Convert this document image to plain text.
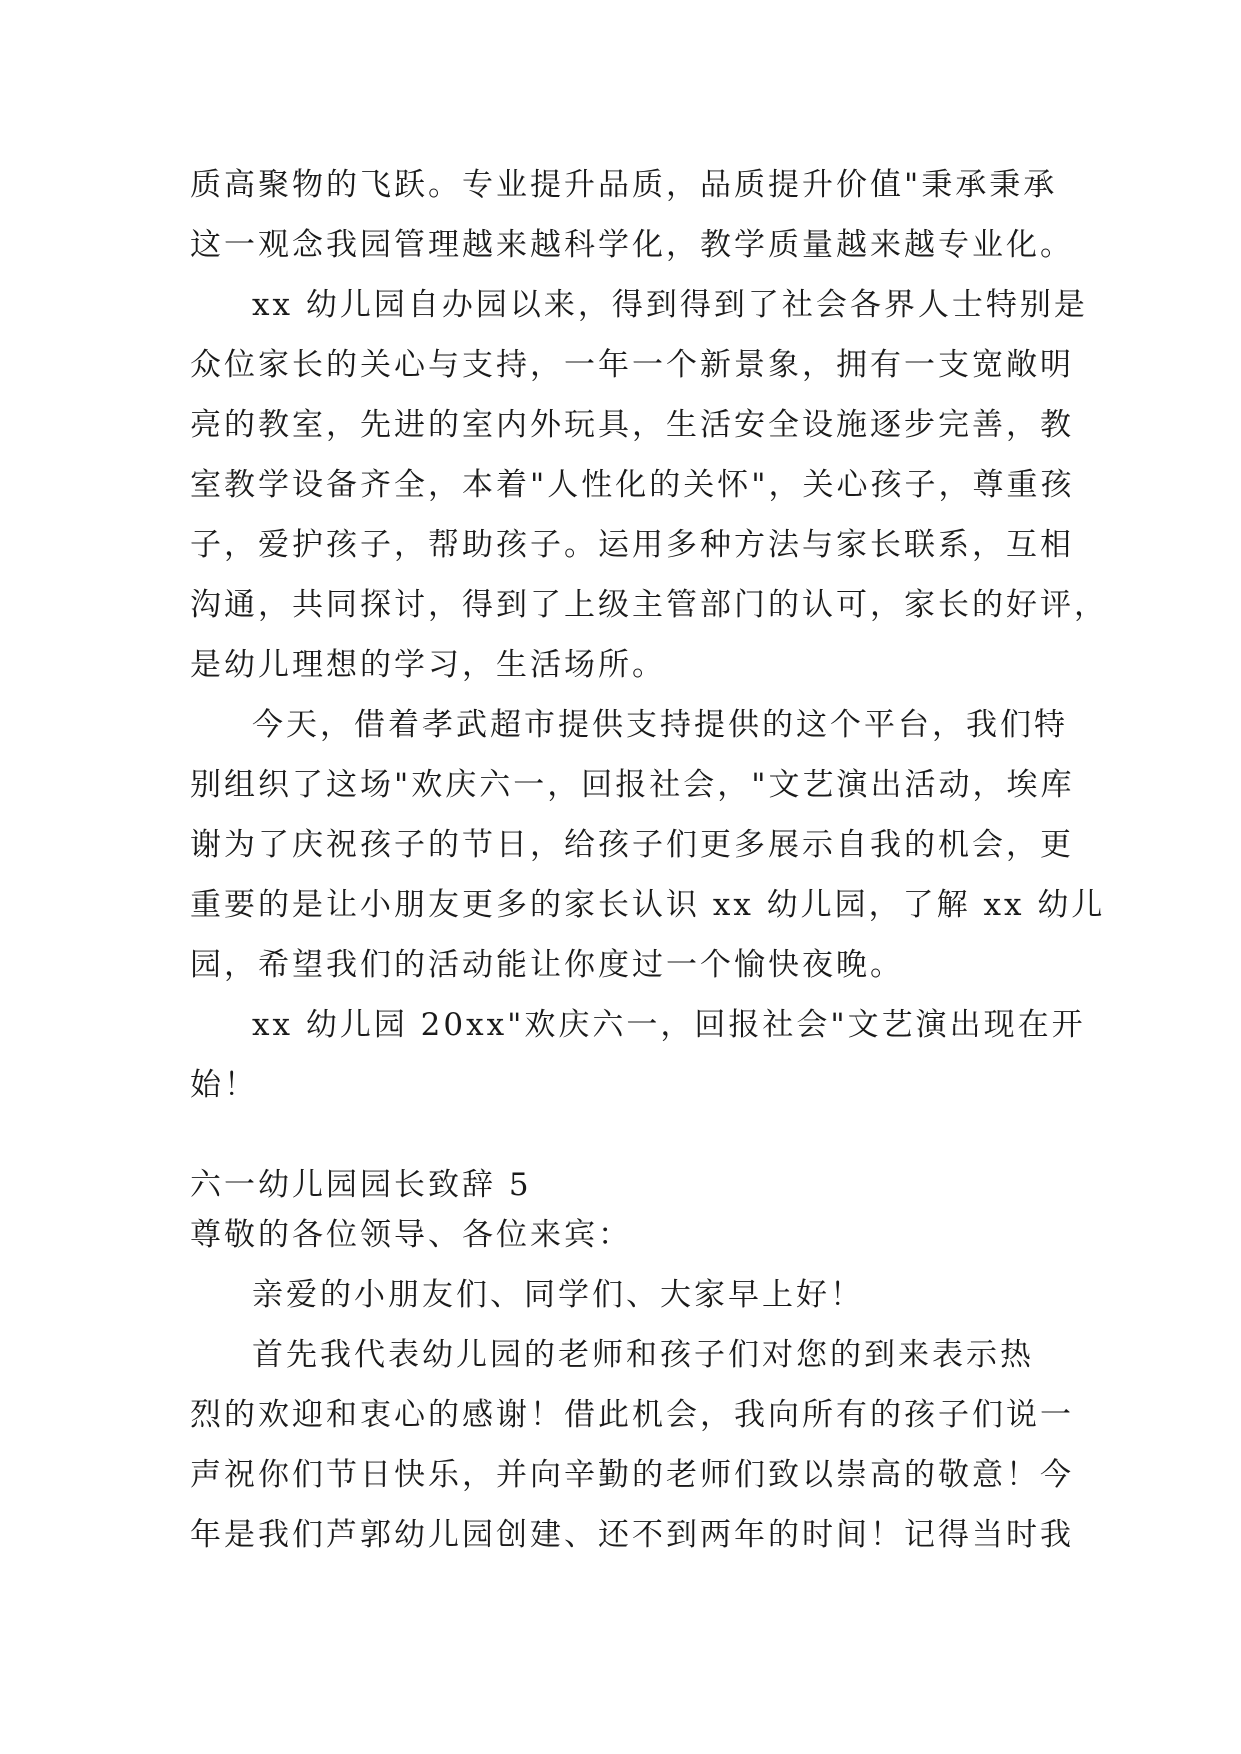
质高聚物的飞跃。专业提升品质，品质提升价值"秉承秉承
这一观念我园管理越来越科学化，教学质量越来越专业化。
xx 幼儿园自办园以来，得到得到了社会各界人士特别是
众位家长的关心与支持，一年一个新景象，拥有一支宽敞明
亮的教室，先进的室内外玩具，生活安全设施逐步完善，教
室教学设备齐全，本着"人性化的关怀"，关心孩子，尊重孩
子，爱护孩子，帮助孩子。运用多种方法与家长联系，互相
沟通，共同探讨，得到了上级主管部门的认可，家长的好评，
是幼儿理想的学习，生活场所。
今天，借着孝武超市提供支持提供的这个平台，我们特
别组织了这场"欢庆六一，回报社会，"文艺演出活动，埃库
谢为了庆祝孩子的节日，给孩子们更多展示自我的机会，更
重要的是让小朋友更多的家长认识 xx 幼儿园，了解 xx 幼儿
园，希望我们的活动能让你度过一个愉快夜晚。
xx 幼儿园 20xx"欢庆六一，回报社会"文艺演出现在开
始！
六一幼儿园园长致辞 5
尊敬的各位领导、各位来宾：
亲爱的小朋友们、同学们、大家早上好！
首先我代表幼儿园的老师和孩子们对您的到来表示热
烈的欢迎和衷心的感谢！借此机会，我向所有的孩子们说一
声祝你们节日快乐，并向辛勤的老师们致以崇高的敬意！今
年是我们芦郭幼儿园创建、还不到两年的时间！记得当时我
